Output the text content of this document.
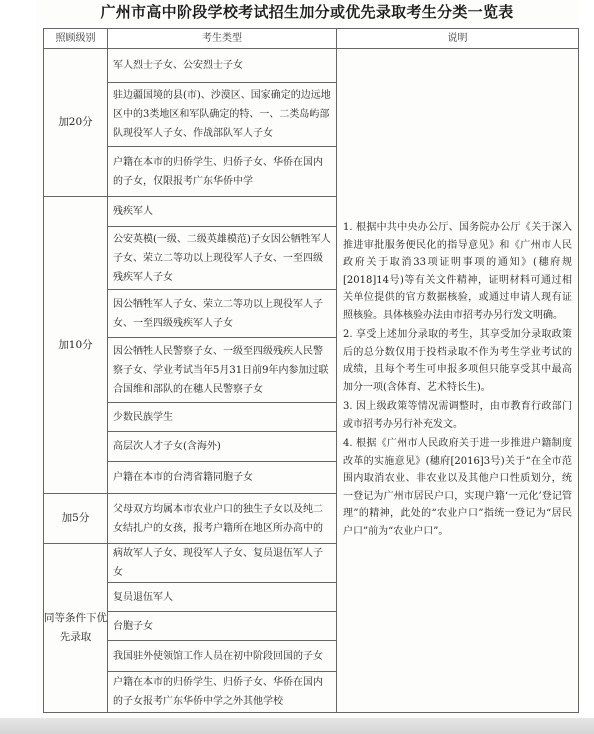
广州市高中阶段学校考试招生加分或优先录取考生分类一览表
照顾级别	考生类型	说明
加20分	军人烈士子女、公安烈士子女	1. 根据中共中央办公厅、国务院办公厅《关于深入推进审批服务便民化的指导意见》和《广州市人民政府关于取消33项证明事项的通知》(穗府规[2018]14号)等有关文件精神，证明材料可通过相关单位提供的官方数据核验，或通过申请人现有证照核验。具体核验办法由市招考办另行发文明确。

2. 享受上述加分录取的考生，其享受加分录取政策后的总分数仅用于投档录取不作为考生学业考试的成绩，且每个考生可申报多项但只能享受其中最高加分一项(含体育、艺术特长生)。

3. 因上级政策等情况需调整时，由市教育行政部门或市招考办另行补充发文。

4. 根据《广州市人民政府关于进一步推进户籍制度改革的实施意见》(穗府[2016]3号)关于“在全市范围内取消农业、非农业以及其他户口性质划分，统一登记为广州市居民户口，实现户籍‘一元化’登记管理”的精神，此处的“农业户口”指统一登记为“居民户口”前为“农业户口”。

	驻边疆国境的县(市)、沙漠区、国家确定的边远地区中的3类地区和军队确定的特、一、二类岛屿部队现役军人子女、作战部队军人子女	
	户籍在本市的归侨学生、归侨子女、华侨在国内的子女，仅限报考广东华侨中学	
加10分	残疾军人	
	公安英模(一级、二级英雄模范)子女因公牺牲军人子女、荣立二等功以上现役军人子女、一至四级残疾军人子女	
	因公牺牲军人子女、荣立二等功以上现役军人子女、一至四级残疾军人子女	
	因公牺牲人民警察子女、一级至四级残疾人民警察子女、学业考试当年5月31日前9年内参加过联合国维和部队的在穗人民警察子女	
	少数民族学生	
	高层次人才子女(含海外)	
	户籍在本市的台湾省籍同胞子女	
加5分	父母双方均属本市农业户口的独生子女以及纯二女结扎户的女孩，报考户籍所在地区所办高中的	
同等条件下优先录取	病故军人子女、现役军人子女、复员退伍军人子女	
	复员退伍军人	
	台胞子女	
	我国驻外使领馆工作人员在初中阶段回国的子女	
	户籍在本市的归侨学生、归侨子女、华侨在国内的子女报考广东华侨中学之外其他学校	
